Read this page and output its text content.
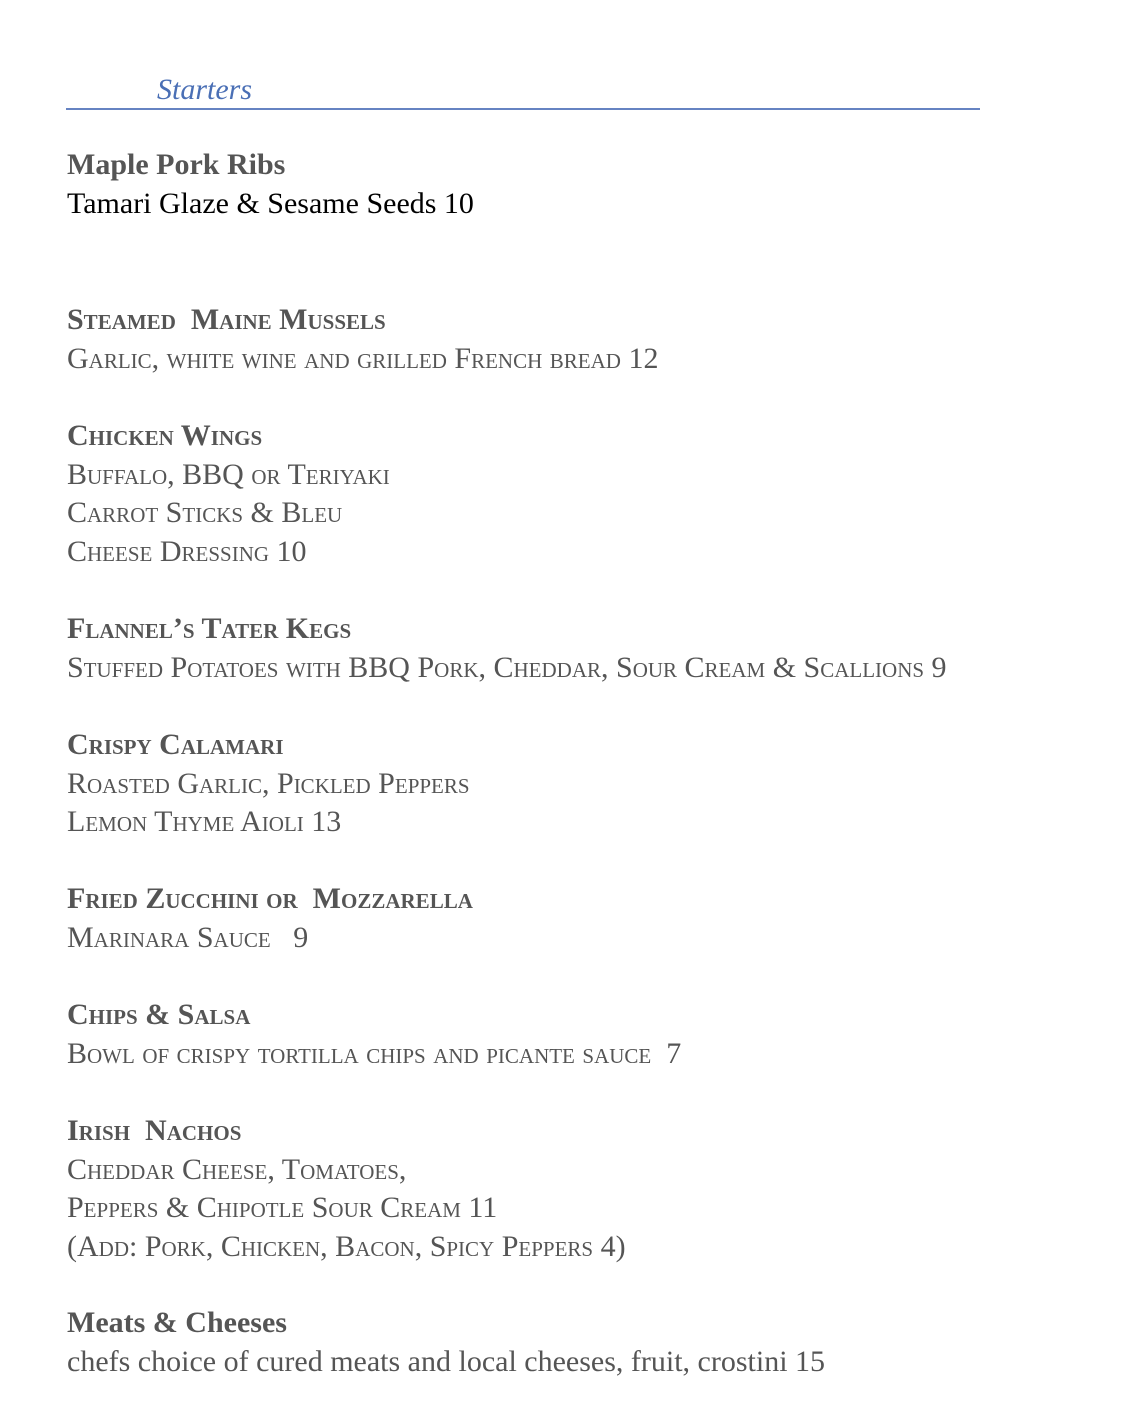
Starters
Maple Pork Ribs
Tamari Glaze & Sesame Seeds 10
Steamed  Maine Mussels
Garlic, white wine and grilled French bread 12
Chicken Wings
Buffalo, BBQ or Teriyaki
Carrot Sticks & Bleu
Cheese Dressing 10
Flannel’s Tater Kegs
Stuffed Potatoes with BBQ Pork, Cheddar, Sour Cream & Scallions 9
Crispy Calamari
Roasted Garlic, Pickled Peppers
Lemon Thyme Aioli 13
Fried Zucchini or  Mozzarella
Marinara Sauce   9
Chips & Salsa
Bowl of crispy tortilla chips and picante sauce  7
Irish  Nachos
Cheddar Cheese, Tomatoes,
Peppers & Chipotle Sour Cream 11
(Add: Pork, Chicken, Bacon, Spicy Peppers 4)
Meats & Cheeses
chefs choice of cured meats and local cheeses, fruit, crostini 15
